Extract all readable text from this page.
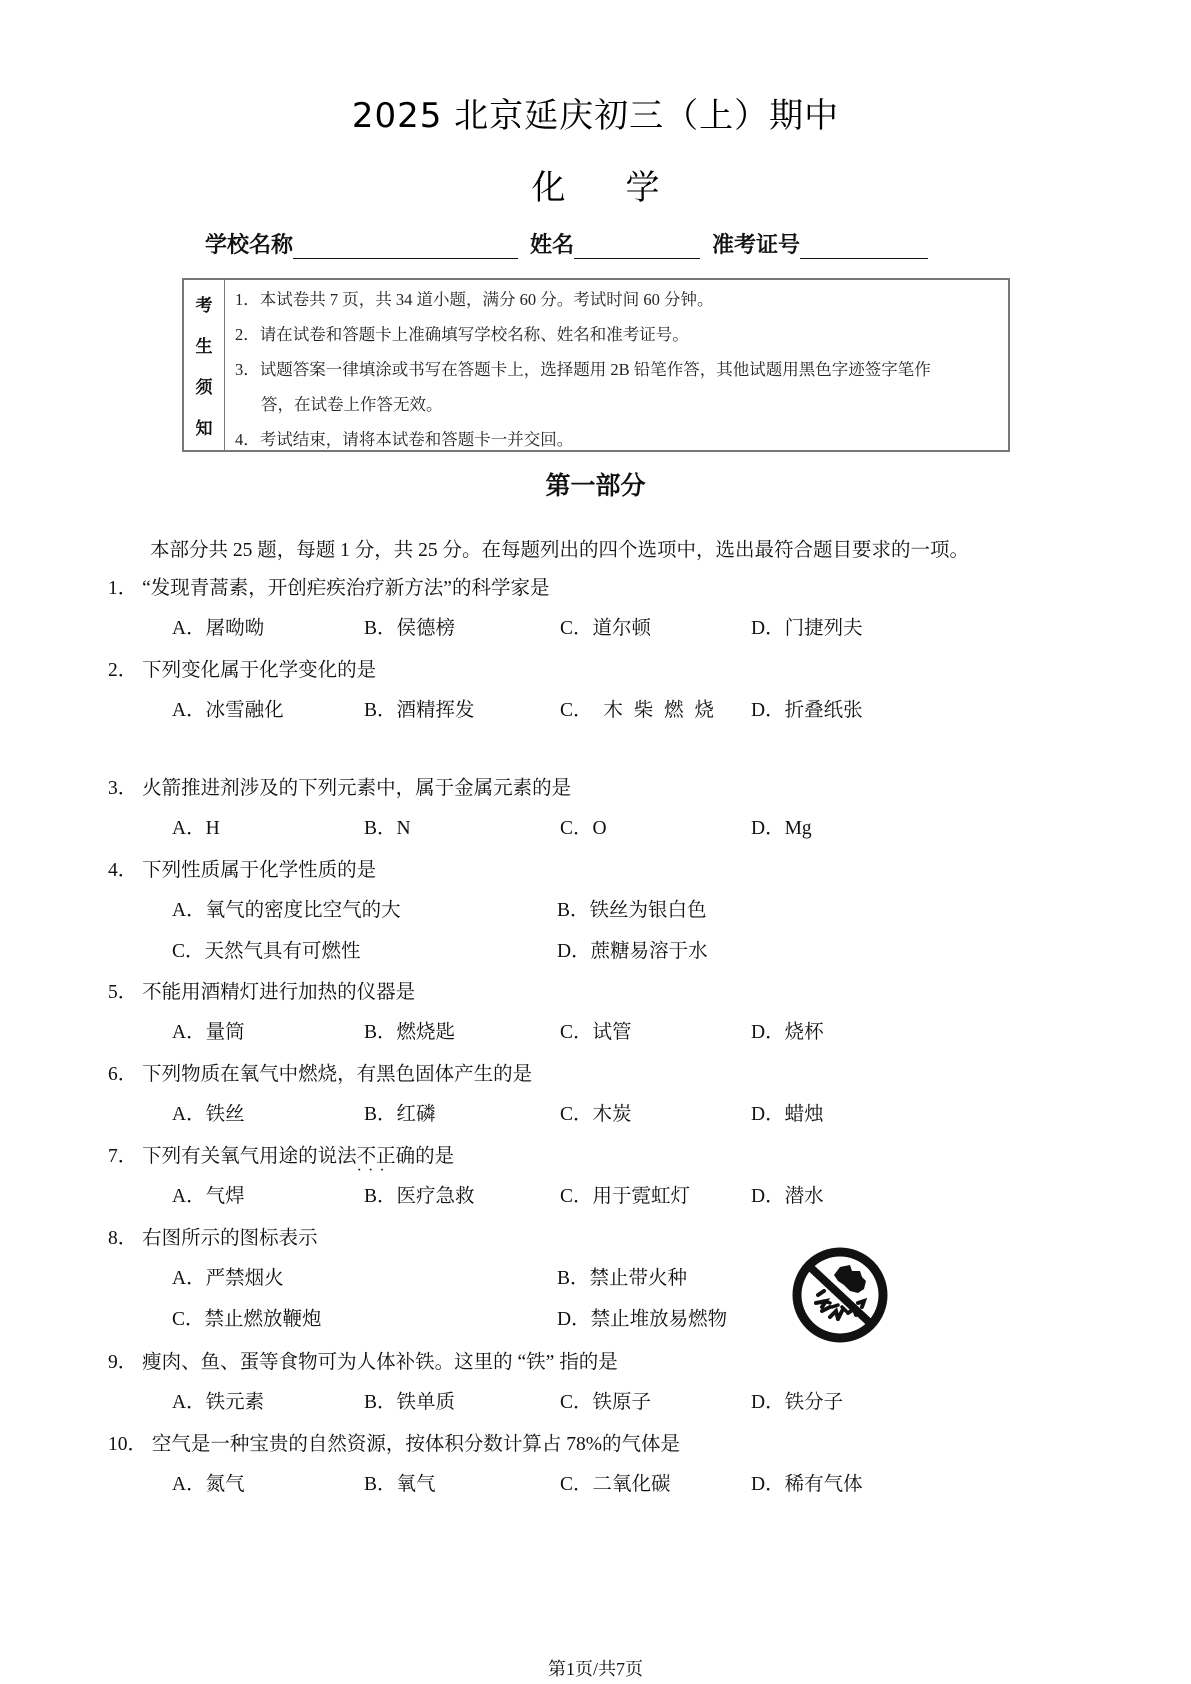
2025 北京延庆初三（上）期中
化 学
学校名称	姓名	准考证号
考
生
须
知
1．本试卷共 7 页，共 34 道小题，满分 60 分。考试时间 60 分钟。
2．请在试卷和答题卡上准确填写学校名称、姓名和准考证号。
3．试题答案一律填涂或书写在答题卡上，选择题用 2B 铅笔作答，其他试题用黑色字迹签字笔作
答，在试卷上作答无效。
4．考试结束，请将本试卷和答题卡一并交回。
第一部分
本部分共 25 题，每题 1 分，共 25 分。在每题列出的四个选项中，选出最符合题目要求的一项。
1． “发现青蒿素，开创疟疾治疗新方法”的科学家是
A．屠呦呦	B．侯德榜	C．道尔顿	D．门捷列夫
2． 下列变化属于化学变化的是
A．冰雪融化	B．酒精挥发	C． 木 柴 燃 烧 D．折叠纸张
3． 火箭推进剂涉及的下列元素中，属于金属元素的是
A．H	B．N	C．O	D．Mg
4． 下列性质属于化学性质的是
A．氧气的密度比空气的大	B．铁丝为银白色
C．天然气具有可燃性	D．蔗糖易溶于水
5． 不能用酒精灯进行加热的仪器是
A．量筒	B．燃烧匙	C．试管	D．烧杯
6． 下列物质在氧气中燃烧，有黑色固体产生的是
A．铁丝	B．红磷	C．木炭	D．蜡烛
7． 下列有关氧气用途的说法不正确 · · ·的是
A．气焊	B．医疗急救	C．用于霓虹灯	D．潜水
8． 右图所示的图标表示
A．严禁烟火	B．禁止带火种
C．禁止燃放鞭炮	D．禁止堆放易燃物
9． 瘦肉、鱼、蛋等食物可为人体补铁。这里的 “铁” 指的是
A．铁元素	B．铁单质	C．铁原子	D．铁分子
10． 空气是一种宝贵的自然资源，按体积分数计算占 78%的气体是
A．氮气	B．氧气	C．二氧化碳	D．稀有气体
第1页/共7页
